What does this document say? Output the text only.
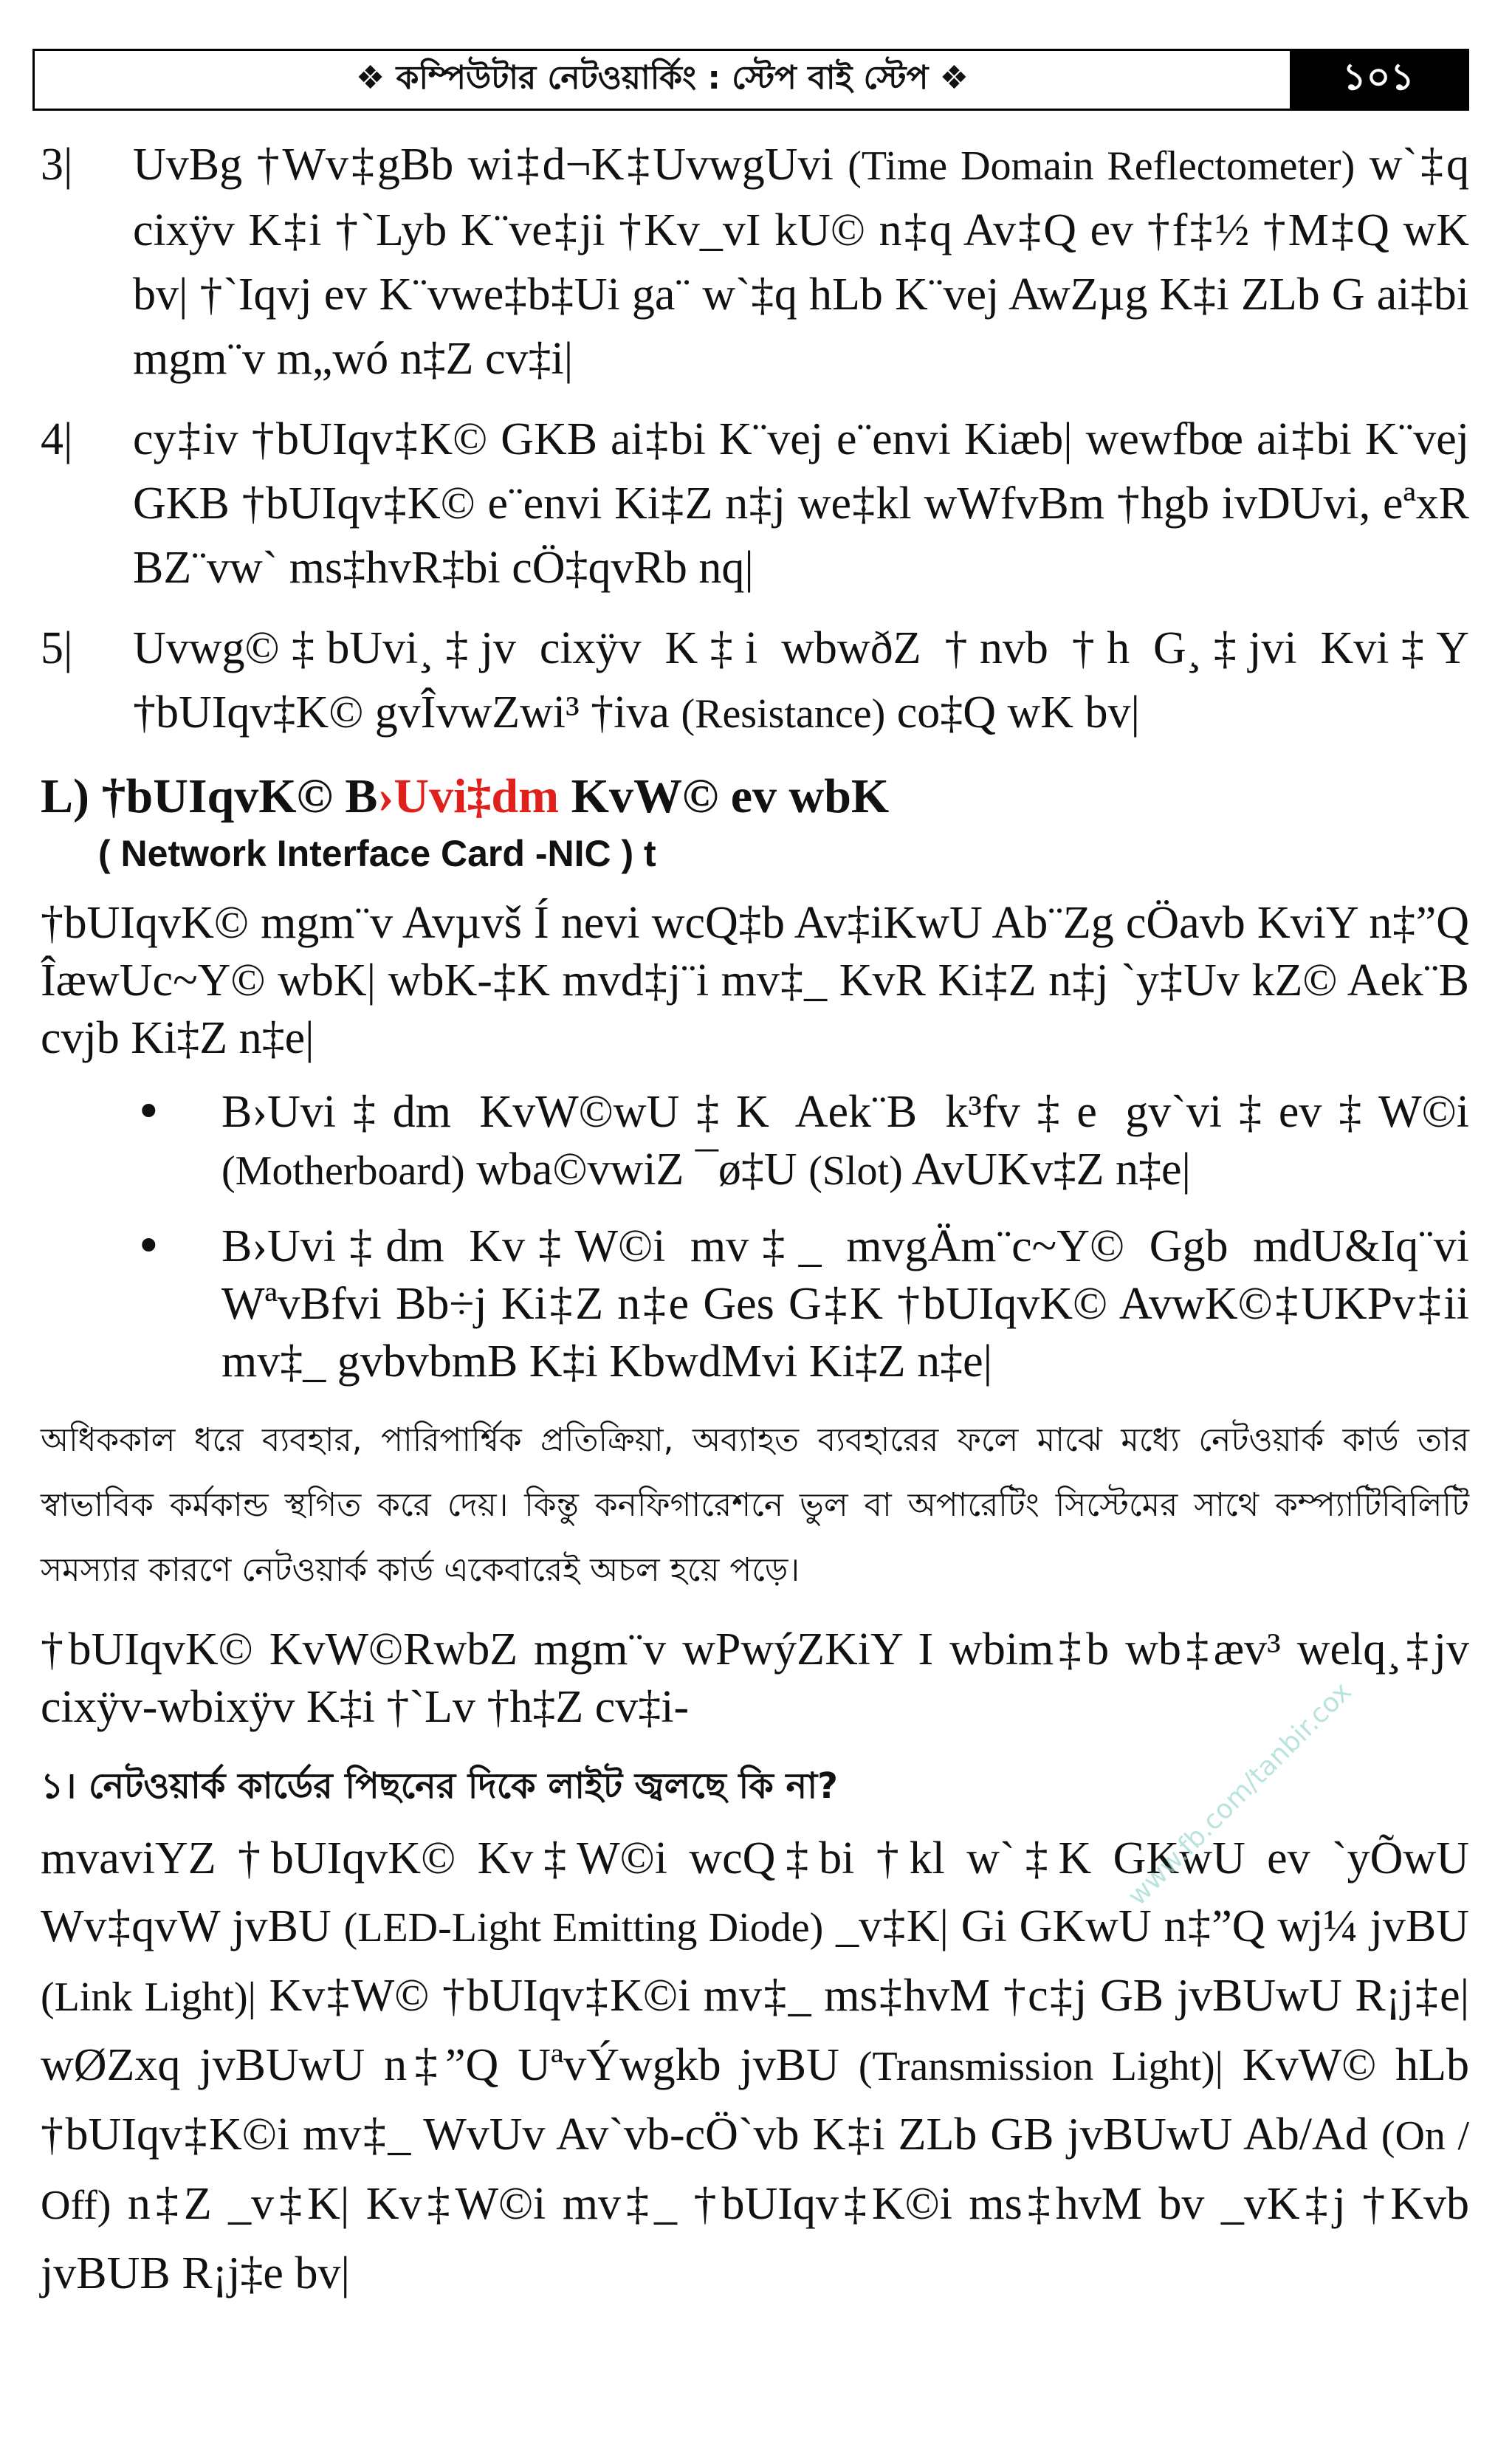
❖ কম্পিউটার নেটওয়ার্কিং : স্টেপ বাই স্টেপ ❖	১০১
3|	UvBg †Wv‡gBb wi‡d¬K‡UvwgUvi (Time Domain Reflectometer) w`‡q cixÿv K‡i †`Lyb K¨ve‡ji †Kv_vI kU© n‡q Av‡Q ev †f‡½ †M‡Q wK bv| †`Iqvj ev K¨vwe‡b‡Ui ga¨ w`‡q hLb K¨vej AwZµg K‡i ZLb G ai‡bi mgm¨v m„wó n‡Z cv‡i|
4|	cy‡iv †bUIqv‡K© GKB ai‡bi K¨vej e¨envi Kiæb| wewfbœ ai‡bi K¨vej GKB †bUIqv‡K© e¨envi Ki‡Z n‡j we‡kl wWfvBm †hgb ivDUvi, eªxR BZ¨vw` ms‡hvR‡bi cÖ‡qvRb nq|
5|	Uvwg©‡bUvi¸‡jv cixÿv K‡i wbwðZ †nvb †h G¸‡jvi Kvi‡Y †bUIqv‡K© gvÎvwZwi³ †iva (Resistance) co‡Q wK bv|
L) †bUIqvK© B›Uvi‡dm KvW© ev wbK
( Network Interface Card -NIC ) t
†bUIqvK© mgm¨v Avµvš Í nevi wcQ‡b Av‡iKwU Ab¨Zg cÖavb KviY n‡”Q ÎæwUc~Y© wbK| wbK-‡K mvd‡j¨i mv‡_ KvR Ki‡Z n‡j `y‡Uv kZ© Aek¨B cvjb Ki‡Z n‡e|
•	B›Uvi‡dm KvW©wU‡K Aek¨B k³fv‡e gv`vi‡ev‡W©i (Motherboard) wba©vwiZ ¯ø‡U (Slot) AvUKv‡Z n‡e|
•	B›Uvi‡dm Kv‡W©i mv‡_ mvgÄm¨c~Y© Ggb mdU&Iq¨vi WªvBfvi Bb÷j Ki‡Z n‡e Ges G‡K †bUIqvK© AvwK©‡UKPv‡ii mv‡_ gvbvbmB K‡i KbwdMvi Ki‡Z n‡e|
অধিককাল ধরে ব্যবহার, পারিপার্শ্বিক প্রতিক্রিয়া, অব্যাহত ব্যবহারের ফলে মাঝে মধ্যে নেটওয়ার্ক কার্ড তার স্বাভাবিক কর্মকান্ড স্থগিত করে দেয়। কিন্তু কনফিগারেশনে ভুল বা অপারেটিং সিস্টেমের সাথে কম্প্যাটিবিলিটি সমস্যার কারণে নেটওয়ার্ক কার্ড একেবারেই অচল হয়ে পড়ে।
†bUIqvK© KvW©RwbZ mgm¨v wPwýZKiY I wbim‡b wb‡æv³ welq¸‡jv cixÿv-wbixÿv K‡i †`Lv †h‡Z cv‡i-
১। নেটওয়ার্ক কার্ডের পিছনের দিকে লাইট জ্বলছে কি না?
mvaviYZ †bUIqvK© Kv‡W©i wcQ‡bi †kl w`‡K GKwU ev `yÕwU Wv‡qvW jvBU (LED-Light Emitting Diode) _v‡K| Gi GKwU n‡”Q wj¼ jvBU (Link Light)| Kv‡W© †bUIqv‡K©i mv‡_ ms‡hvM †c‡j GB jvBUwU R¡j‡e| wØZxq jvBUwU n‡”Q UªvÝwgkb jvBU (Transmission Light)| KvW© hLb †bUIqv‡K©i mv‡_ WvUv Av`vb-cÖ`vb K‡i ZLb GB jvBUwU Ab/Ad (On / Off) n‡Z _v‡K| Kv‡W©i mv‡_ †bUIqv‡K©i ms‡hvM bv _vK‡j †Kvb jvBUB R¡j‡e bv|
www.fb.com/tanbir.cox
